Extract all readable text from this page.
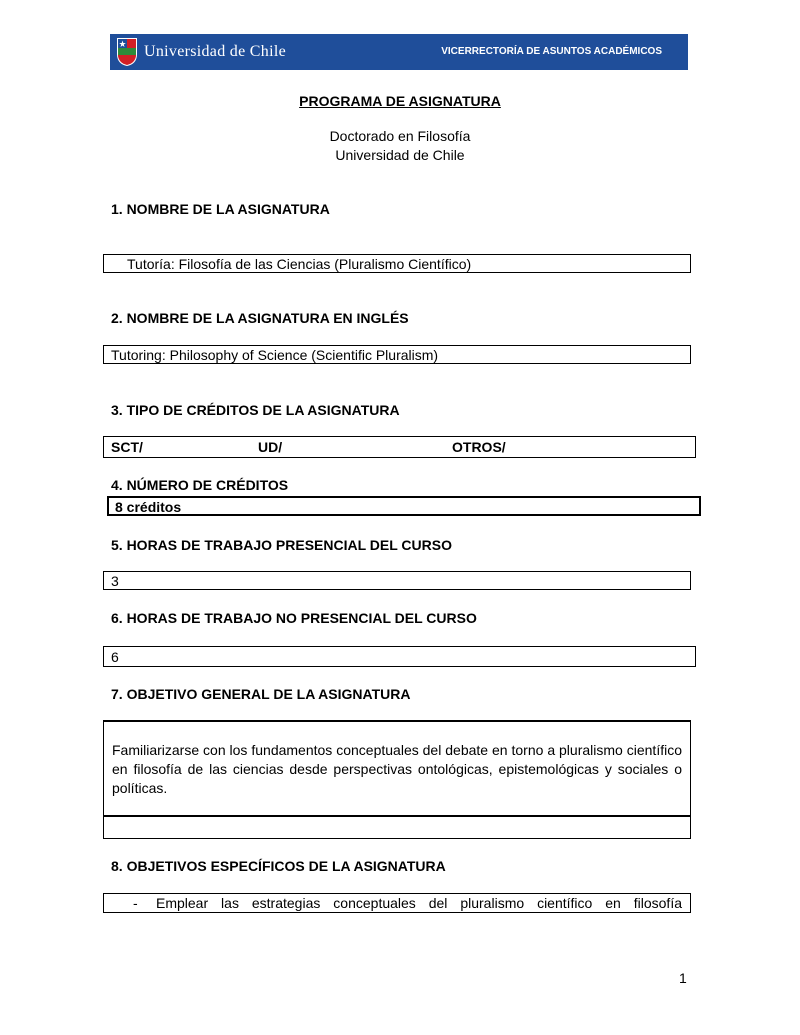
Universidad de Chile	VICERRECTORÍA DE ASUNTOS ACADÉMICOS
PROGRAMA DE ASIGNATURA
Doctorado en Filosofía
Universidad de Chile
1. NOMBRE DE LA ASIGNATURA
Tutoría: Filosofía de las Ciencias (Pluralismo Científico)
2. NOMBRE DE LA ASIGNATURA EN INGLÉS
Tutoring: Philosophy of Science (Scientific Pluralism)
3. TIPO DE CRÉDITOS DE LA ASIGNATURA
SCT/	UD/	OTROS/
4. NÚMERO DE CRÉDITOS
8 créditos
5. HORAS DE TRABAJO PRESENCIAL DEL CURSO
3
6. HORAS DE TRABAJO NO PRESENCIAL DEL CURSO
6
7. OBJETIVO GENERAL DE LA ASIGNATURA
Familiarizarse con los fundamentos conceptuales del debate en torno a pluralismo científico en filosofía de las ciencias desde perspectivas ontológicas, epistemológicas y sociales o políticas.
8. OBJETIVOS ESPECÍFICOS DE LA ASIGNATURA
- Emplear las estrategias conceptuales del pluralismo científico en filosofía
1
